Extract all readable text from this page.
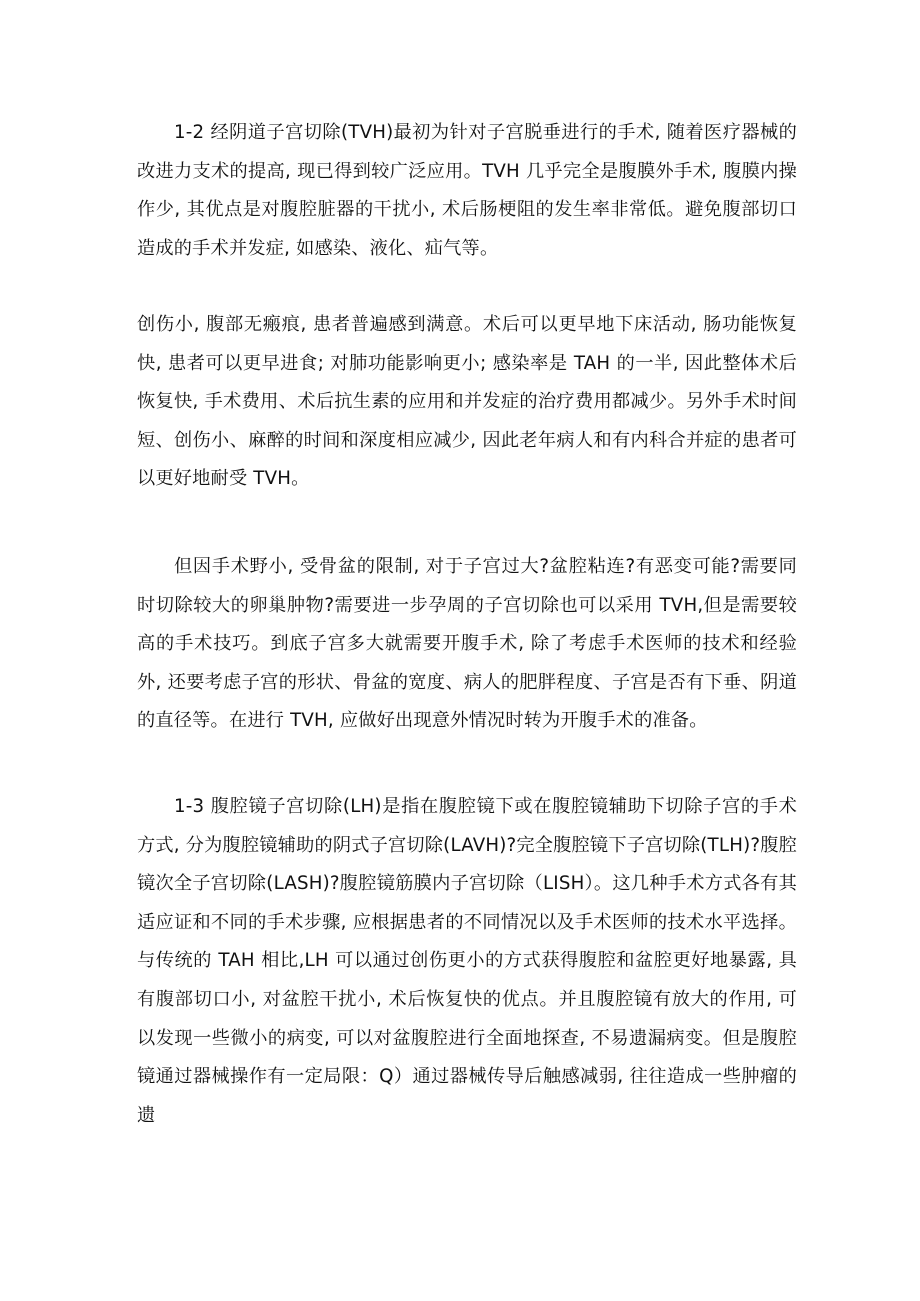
1-2 经阴道子宫切除(TVH)最初为针对子宫脱垂进行的手术, 随着医疗器械的改进力支术的提高, 现已得到较广泛应用。TVH 几乎完全是腹膜外手术, 腹膜内操作少, 其优点是对腹腔脏器的干扰小, 术后肠梗阻的发生率非常低。避免腹部切口造成的手术并发症, 如感染、液化、疝气等。

创伤小, 腹部无瘢痕, 患者普遍感到满意。术后可以更早地下床活动, 肠功能恢复快, 患者可以更早进食; 对肺功能影响更小; 感染率是 TAH 的一半, 因此整体术后恢复快, 手术费用、术后抗生素的应用和并发症的治疗费用都减少。另外手术时间短、创伤小、麻醉的时间和深度相应减少, 因此老年病人和有内科合并症的患者可以更好地耐受 TVH。

但因手术野小, 受骨盆的限制, 对于子宫过大?盆腔粘连?有恶变可能?需要同时切除较大的卵巢肿物?需要进一步孕周的子宫切除也可以采用 TVH,但是需要较高的手术技巧。到底子宫多大就需要开腹手术, 除了考虑手术医师的技术和经验外, 还要考虑子宫的形状、骨盆的宽度、病人的肥胖程度、子宫是否有下垂、阴道的直径等。在进行 TVH, 应做好出现意外情况时转为开腹手术的准备。

1-3 腹腔镜子宫切除(LH)是指在腹腔镜下或在腹腔镜辅助下切除子宫的手术方式, 分为腹腔镜辅助的阴式子宫切除(LAVH)?完全腹腔镜下子宫切除(TLH)?腹腔镜次全子宫切除(LASH)?腹腔镜筋膜内子宫切除（LISH）。这几种手术方式各有其适应证和不同的手术步骤, 应根据患者的不同情况以及手术医师的技术水平选择。与传统的 TAH 相比,LH 可以通过创伤更小的方式获得腹腔和盆腔更好地暴露, 具有腹部切口小, 对盆腔干扰小, 术后恢复快的优点。并且腹腔镜有放大的作用, 可以发现一些微小的病变, 可以对盆腹腔进行全面地探查, 不易遗漏病变。但是腹腔镜通过器械操作有一定局限：Q）通过器械传导后触感减弱, 往往造成一些肿瘤的遗
